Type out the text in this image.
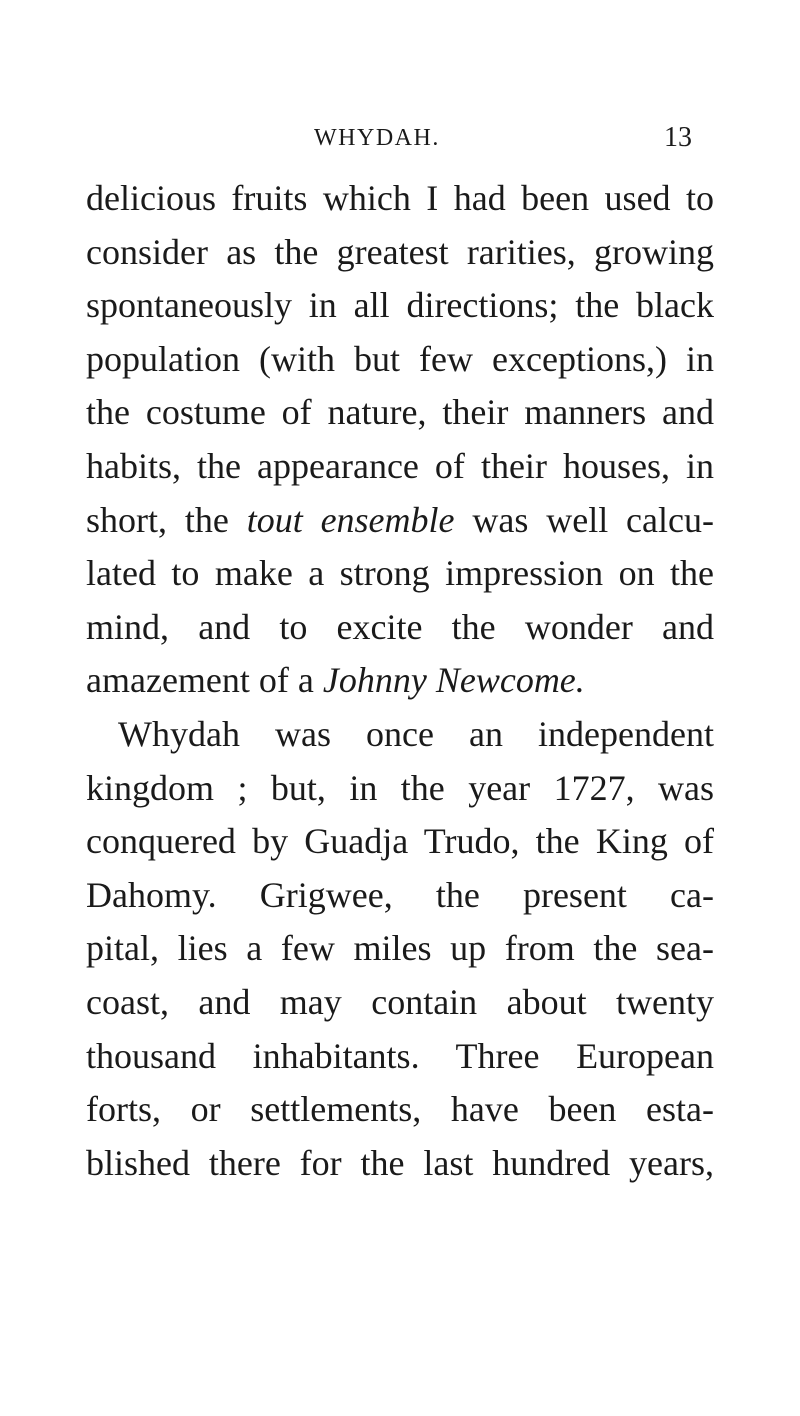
WHYDAH.	13
delicious fruits which I had been used to
consider as the greatest rarities, growing
spontaneously in all directions; the black
population (with but few exceptions,) in
the costume of nature, their manners and
habits, the appearance of their houses, in
short, the tout ensemble was well calcu-
lated to make a strong impression on the
mind, and to excite the wonder and
amazement of a Johnny Newcome.
Whydah was once an independent
kingdom ; but, in the year 1727, was
conquered by Guadja Trudo, the King of
Dahomy. Grigwee, the present ca-
pital, lies a few miles up from the sea-
coast, and may contain about twenty
thousand inhabitants. Three European
forts, or settlements, have been esta-
blished there for the last hundred years,
